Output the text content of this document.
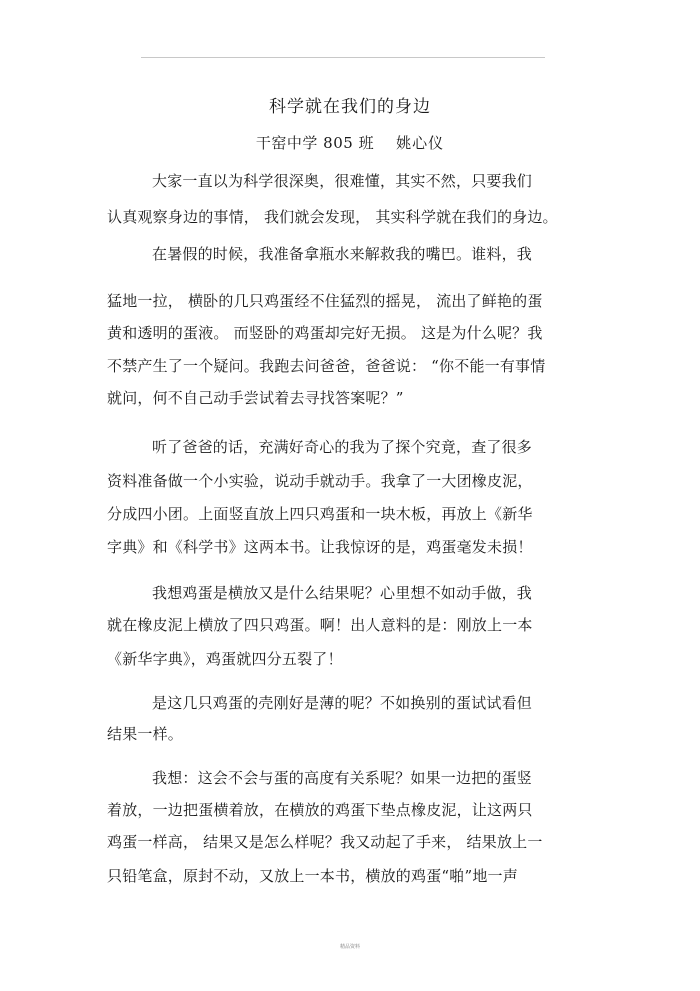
科学就在我们的身边
干窑中学 805 班 姚心仪
大家一直以为科学很深奥，很难懂，其实不然，只要我们
认真观察身边的事情， 我们就会发现， 其实科学就在我们的身边。
在暑假的时候，我准备拿瓶水来解救我的嘴巴。谁料，我
猛地一拉， 横卧的几只鸡蛋经不住猛烈的摇晃， 流出了鲜艳的蛋
黄和透明的蛋液。 而竖卧的鸡蛋却完好无损。 这是为什么呢？我
不禁产生了一个疑问。我跑去问爸爸，爸爸说： “你不能一有事情
就问，何不自己动手尝试着去寻找答案呢？”
听了爸爸的话，充满好奇心的我为了探个究竟，查了很多
资料准备做一个小实验，说动手就动手。我拿了一大团橡皮泥，
分成四小团。上面竖直放上四只鸡蛋和一块木板，再放上《新华
字典》和《科学书》这两本书。让我惊讶的是，鸡蛋毫发未损！
我想鸡蛋是横放又是什么结果呢？心里想不如动手做，我
就在橡皮泥上横放了四只鸡蛋。啊！出人意料的是：刚放上一本
《新华字典》，鸡蛋就四分五裂了！
是这几只鸡蛋的壳刚好是薄的呢？不如换别的蛋试试看但
结果一样。
我想：这会不会与蛋的高度有关系呢？如果一边把的蛋竖
着放，一边把蛋横着放，在横放的鸡蛋下垫点橡皮泥，让这两只
鸡蛋一样高， 结果又是怎么样呢？我又动起了手来， 结果放上一
只铅笔盒，原封不动，又放上一本书，横放的鸡蛋“啪”地一声
精品资料
